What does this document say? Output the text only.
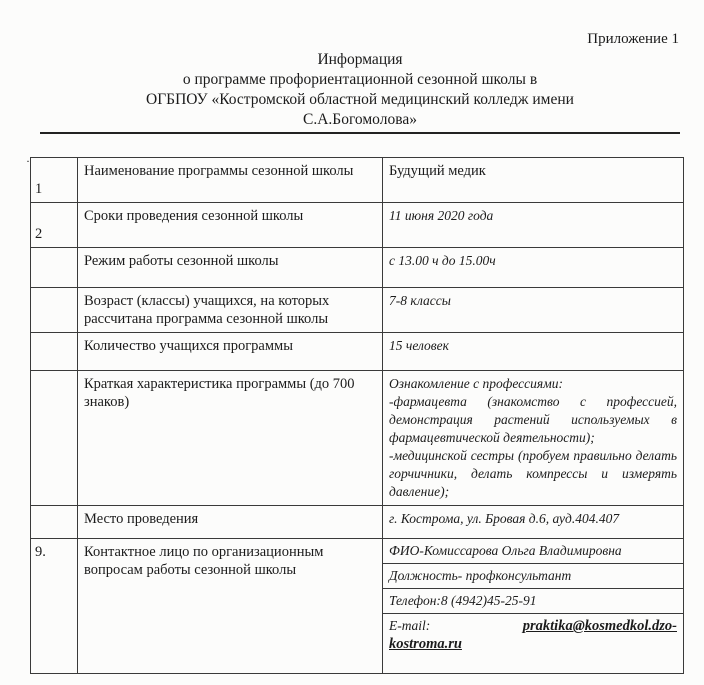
Приложение 1
Информация
о программе профориентационной сезонной школы в
ОГБПОУ «Костромской областной медицинский колледж имени
С.А.Богомолова»
·
1	Наименование программы сезонной школы	Будущий медик
2	Сроки проведения сезонной школы	11 июня 2020 года
	Режим работы сезонной школы	с 13.00 ч до 15.00ч
	Возраст (классы) учащихся, на которых рассчитана программа сезонной школы	7-8 классы
	Количество учащихся программы	15 человек
	Краткая характеристика программы (до 700 знаков)	Ознакомление с профессиями:
-фармацевта (знакомство с профессией, демонстрация растений используемых в фармацевтической деятельности);
-медицинской сестры (пробуем правильно делать горчичники, делать компрессы и измерять давление);

	Место проведения	г. Кострома, ул. Бровая д.6, ауд.404.407
9.	Контактное лицо по организационным вопросам работы сезонной школы	ФИО-Комиссарова Ольга Владимировна
		Должность- профконсультант
		Телефон:8 (4942)45-25-91

		E-mail: praktika@kosmedkol.dzo-
kostroma.ru
